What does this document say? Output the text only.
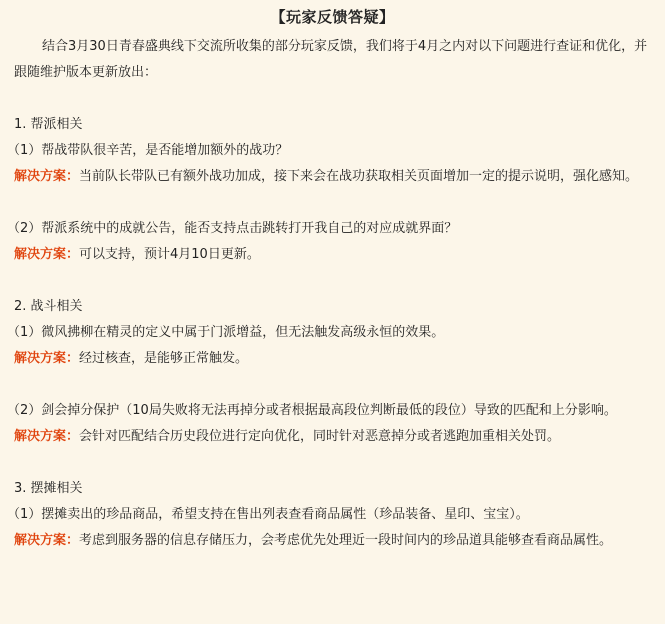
【玩家反馈答疑】
结合3月30日青春盛典线下交流所收集的部分玩家反馈，我们将于4月之内对以下问题进行查证和优化，并跟随维护版本更新放出：
1. 帮派相关
（1）帮战带队很辛苦，是否能增加额外的战功？
解决方案：当前队长带队已有额外战功加成，接下来会在战功获取相关页面增加一定的提示说明，强化感知。
（2）帮派系统中的成就公告，能否支持点击跳转打开我自己的对应成就界面？
解决方案：可以支持，预计4月10日更新。
2. 战斗相关
（1）微风拂柳在精灵的定义中属于门派增益，但无法触发高级永恒的效果。
解决方案：经过核查，是能够正常触发。
（2）剑会掉分保护（10局失败将无法再掉分或者根据最高段位判断最低的段位）导致的匹配和上分影响。
解决方案：会针对匹配结合历史段位进行定向优化，同时针对恶意掉分或者逃跑加重相关处罚。
3. 摆摊相关
（1）摆摊卖出的珍品商品，希望支持在售出列表查看商品属性（珍品装备、星印、宝宝）。
解决方案：考虑到服务器的信息存储压力，会考虑优先处理近一段时间内的珍品道具能够查看商品属性。
